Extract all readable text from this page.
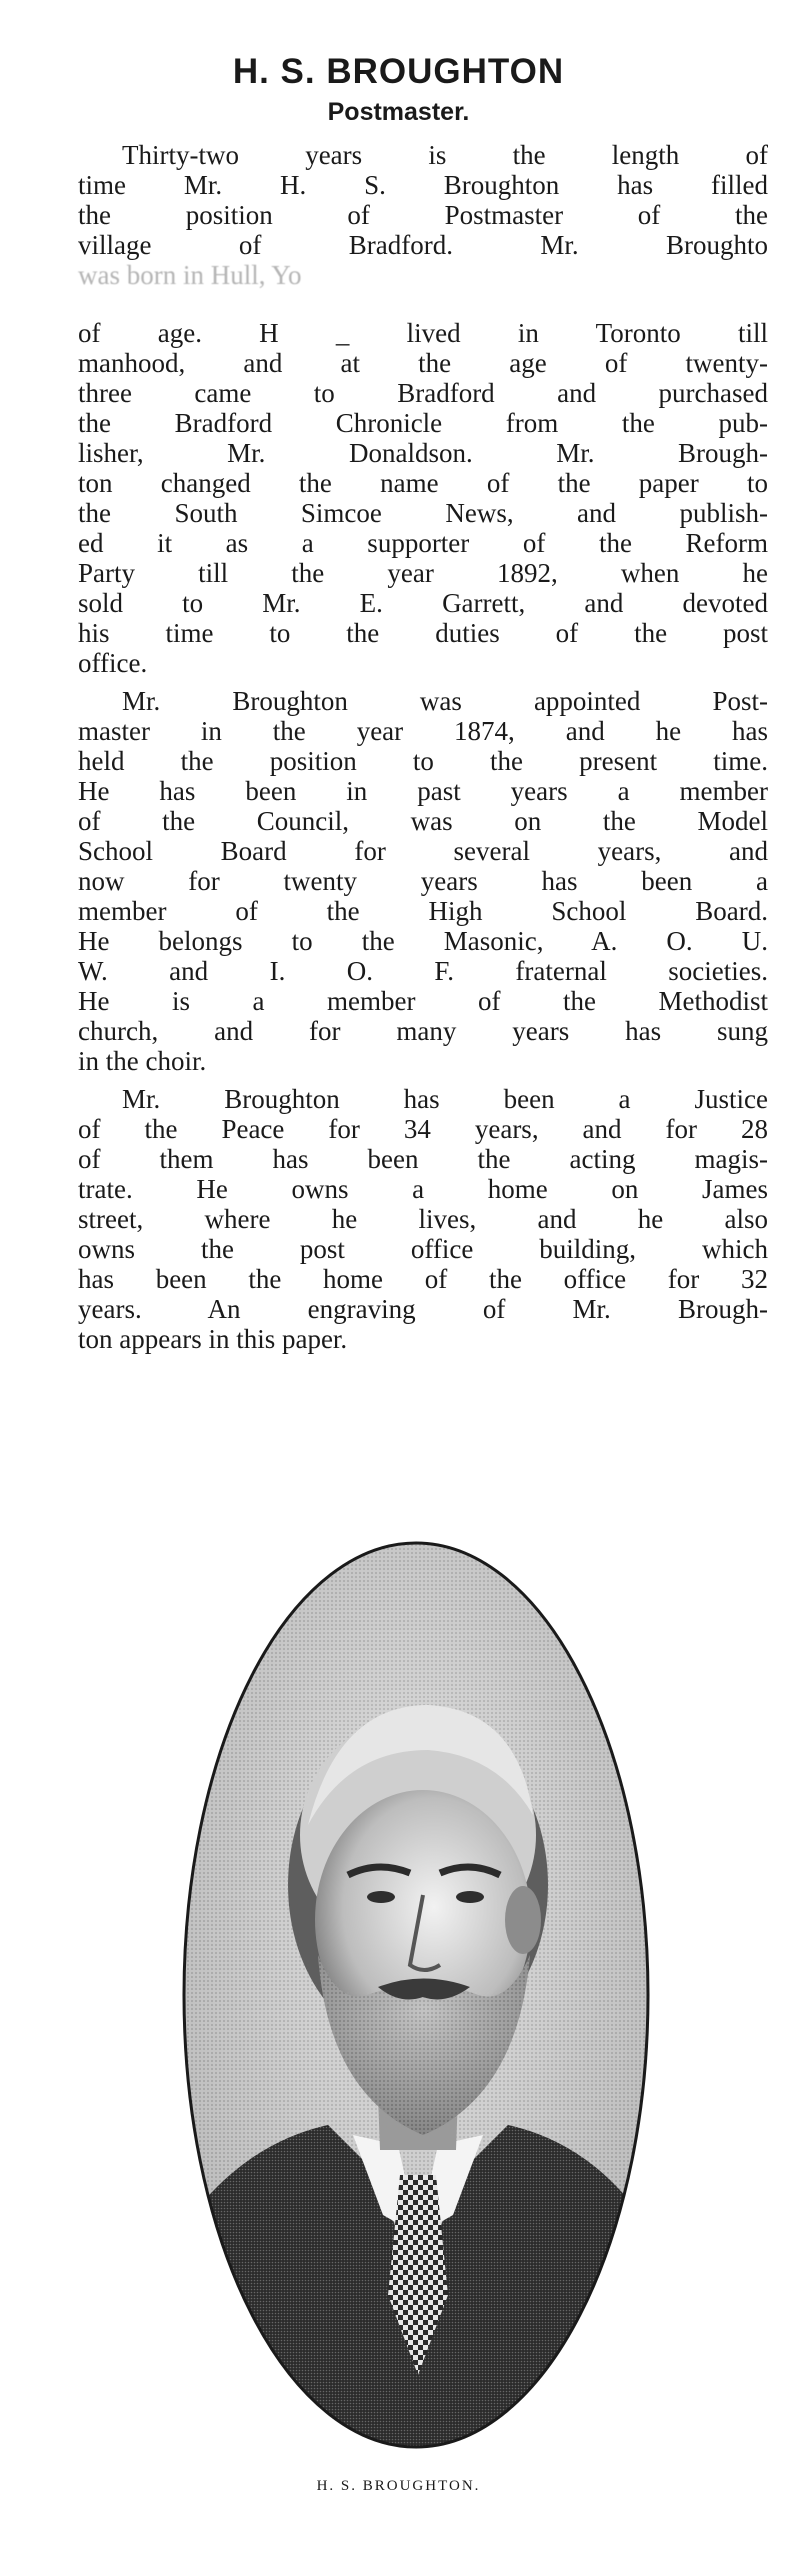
H. S. BROUGHTON
Postmaster.
Thirty-two years is the length of
time Mr. H. S. Broughton has filled
the position of Postmaster of the
village of Bradford. Mr. Broughto
was born in Hull, Yo
of age. H _ lived in Toronto till
manhood, and at the age of twenty-
three came to Bradford and purchased
the Bradford Chronicle from the pub-
lisher, Mr. Donaldson. Mr. Brough-
ton changed the name of the paper to
the South Simcoe News, and publish-
ed it as a supporter of the Reform
Party till the year 1892, when he
sold to Mr. E. Garrett, and devoted
his time to the duties of the post
office.
Mr. Broughton was appointed Post-
master in the year 1874, and he has
held the position to the present time.
He has been in past years a member
of the Council, was on the Model
School Board for several years, and
now for twenty years has been a
member of the High School Board.
He belongs to the Masonic, A. O. U.
W. and I. O. F. fraternal societies.
He is a member of the Methodist
church, and for many years has sung
in the choir.
Mr. Broughton has been a Justice
of the Peace for 34 years, and for 28
of them has been the acting magis-
trate. He owns a home on James
street, where he lives, and he also
owns the post office building, which
has been the home of the office for 32
years. An engraving of Mr. Brough-
ton appears in this paper.
H. S. BROUGHTON.
